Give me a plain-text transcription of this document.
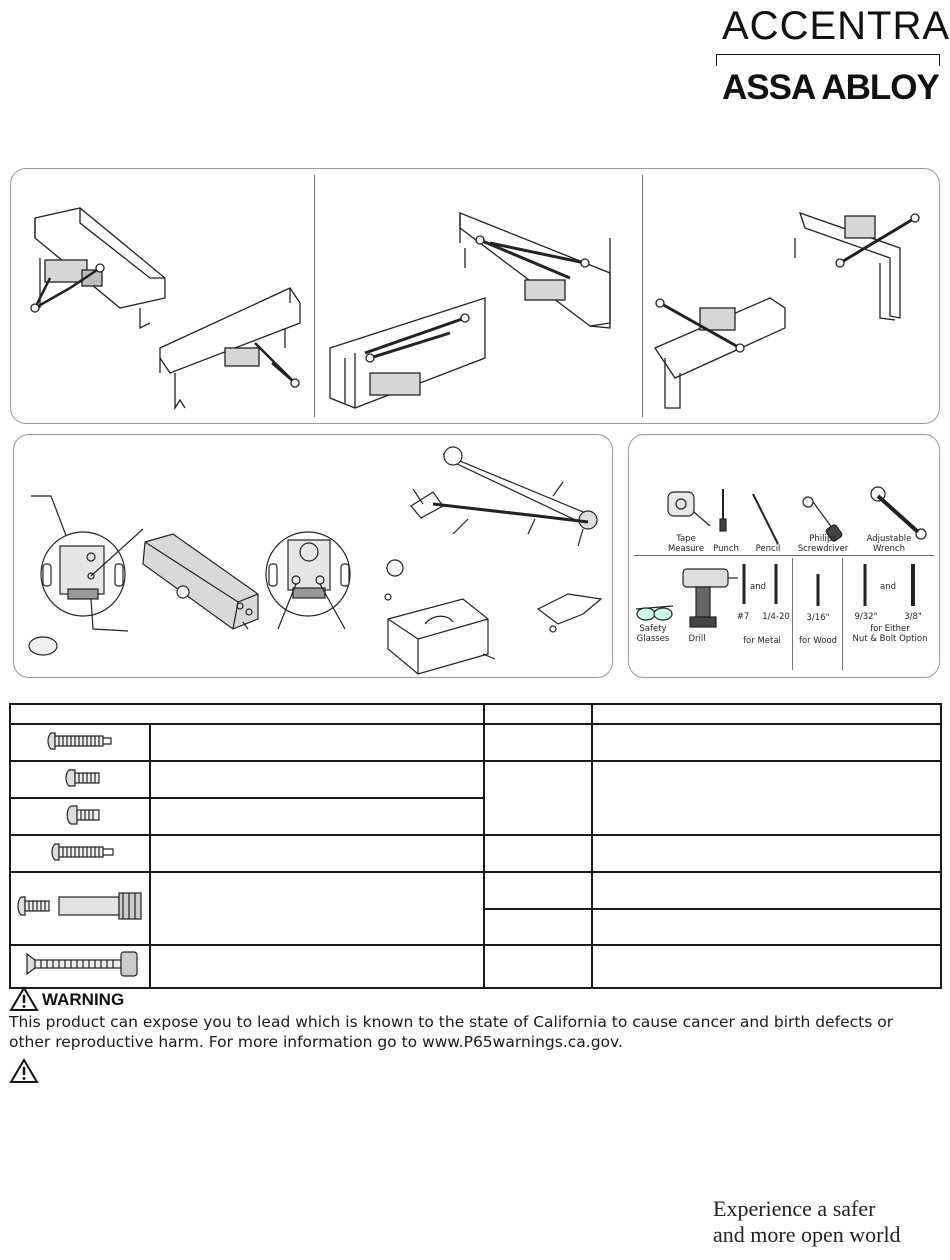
ACCENTRA
ASSA ABLOY
Tape
Measure	Punch	Pencil
Philips
Screwdriver
Adjustable
Wrench
Safety
Glasses	Drill
and
#7	1/4-20
for Metal
3/16"
for Wood
and
9/32"	3/8"
for Either
Nut & Bolt Option

WARNING
This product can expose you to lead which is known to the state of California to cause cancer and birth defects or other reproductive harm. For more information go to www.P65warnings.ca.gov.
Experience a safer
and more open world
